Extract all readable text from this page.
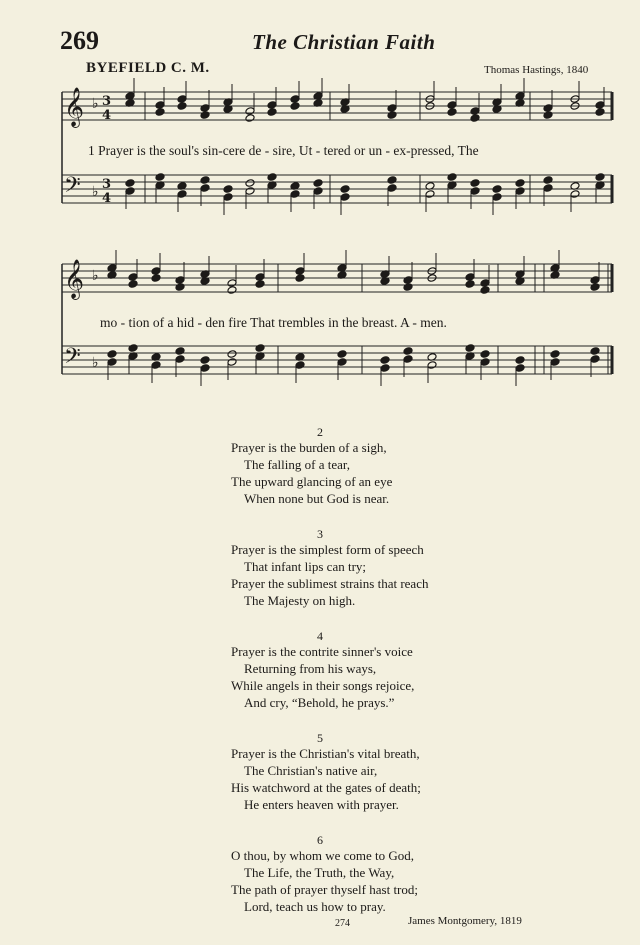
269	The Christian Faith
BYEFIELD C. M.	Thomas Hastings, 1840
𝄞
𝄢
♭
♭
3
4
3
4
𝄞
𝄢
♭
♭
1 Prayer is the soul's sin-cere de - sire, Ut - tered or un - ex-pressed, The
mo - tion of a hid - den fire That trembles in the breast. A - men.
2
Prayer is the burden of a sigh,
The falling of a tear,
The upward glancing of an eye
When none but God is near.
3
Prayer is the simplest form of speech
That infant lips can try;
Prayer the sublimest strains that reach
The Majesty on high.
4
Prayer is the contrite sinner's voice
Returning from his ways,
While angels in their songs rejoice,
And cry, “Behold, he prays.”
5
Prayer is the Christian's vital breath,
The Christian's native air,
His watchword at the gates of death;
He enters heaven with prayer.
6
O thou, by whom we come to God,
The Life, the Truth, the Way,
The path of prayer thyself hast trod;
Lord, teach us how to pray.
274	James Montgomery, 1819
